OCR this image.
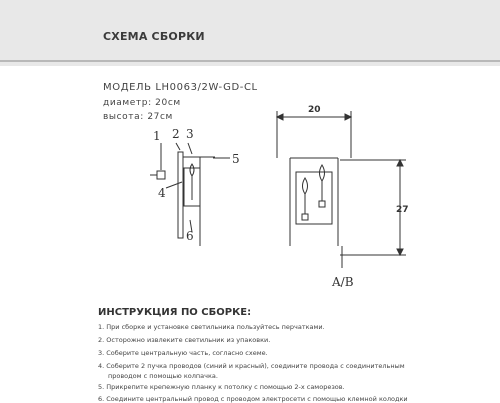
СХЕМА СБОРКИ
МОДЕЛЬ LH0063/2W-GD-CL
диаметр: 20см
высота: 27см
1 2 3
4
5
6
A/B
20
27
ИНСТРУКЦИЯ ПО СБОРКЕ:
1. При сборке и установке светильника пользуйтесь перчатками.
2. Осторожно извлеките светильник из упаковки.
3. Соберите центральную часть, согласно схеме.
4. Соберите 2 пучка проводов (синий и красный), соедините провода с соединительным
проводом с помощью колпачка.
5. Прикрепите крепежную планку к потолку с помощью 2-х саморезов.
6. Соедините центральный провод с проводом электросети с помощью клемной колодки
